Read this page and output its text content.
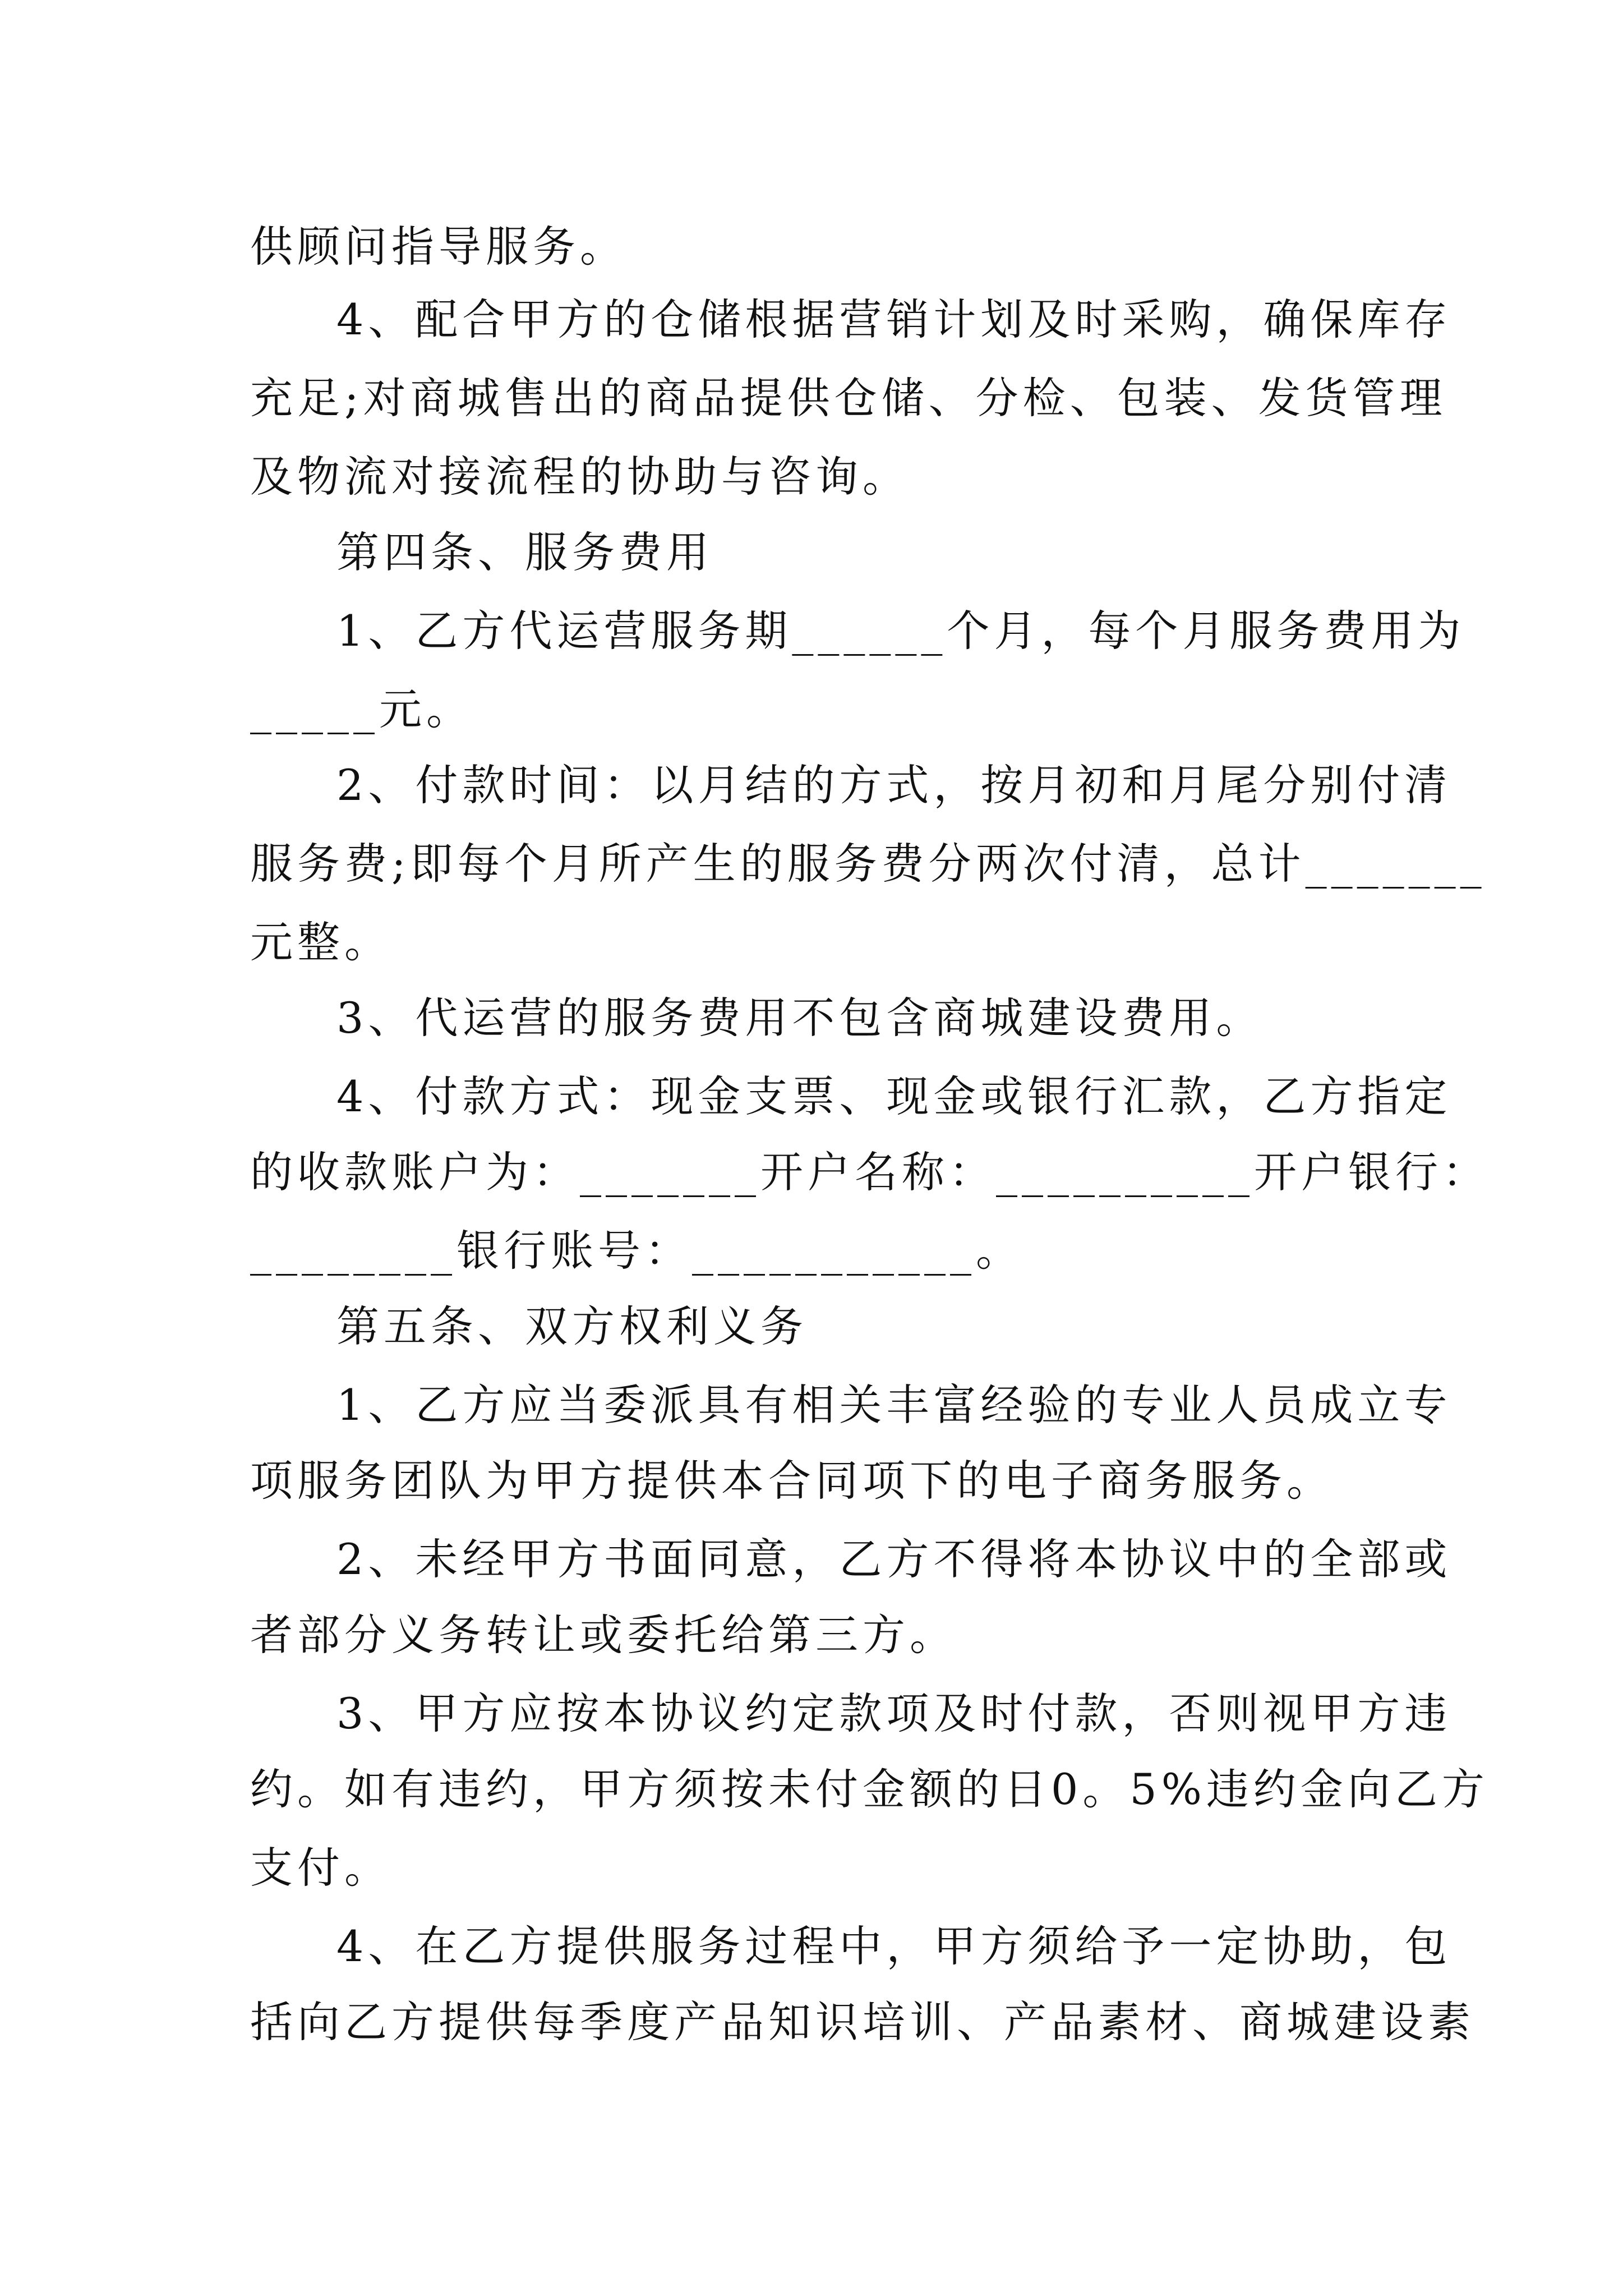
供顾问指导服务。
4、配合甲方的仓储根据营销计划及时采购，确保库存
充足;对商城售出的商品提供仓储、分检、包装、发货管理
及物流对接流程的协助与咨询。
第四条、服务费用
1、乙方代运营服务期______个月，每个月服务费用为
_____元。
2、付款时间：以月结的方式，按月初和月尾分别付清
服务费;即每个月所产生的服务费分两次付清，总计_______
元整。
3、代运营的服务费用不包含商城建设费用。
4、付款方式：现金支票、现金或银行汇款，乙方指定
的收款账户为：_______开户名称：__________开户银行：
________银行账号：___________。
第五条、双方权利义务
1、乙方应当委派具有相关丰富经验的专业人员成立专
项服务团队为甲方提供本合同项下的电子商务服务。
2、未经甲方书面同意，乙方不得将本协议中的全部或
者部分义务转让或委托给第三方。
3、甲方应按本协议约定款项及时付款，否则视甲方违
约。如有违约，甲方须按未付金额的日0。5%违约金向乙方
支付。
4、在乙方提供服务过程中，甲方须给予一定协助，包
括向乙方提供每季度产品知识培训、产品素材、商城建设素
